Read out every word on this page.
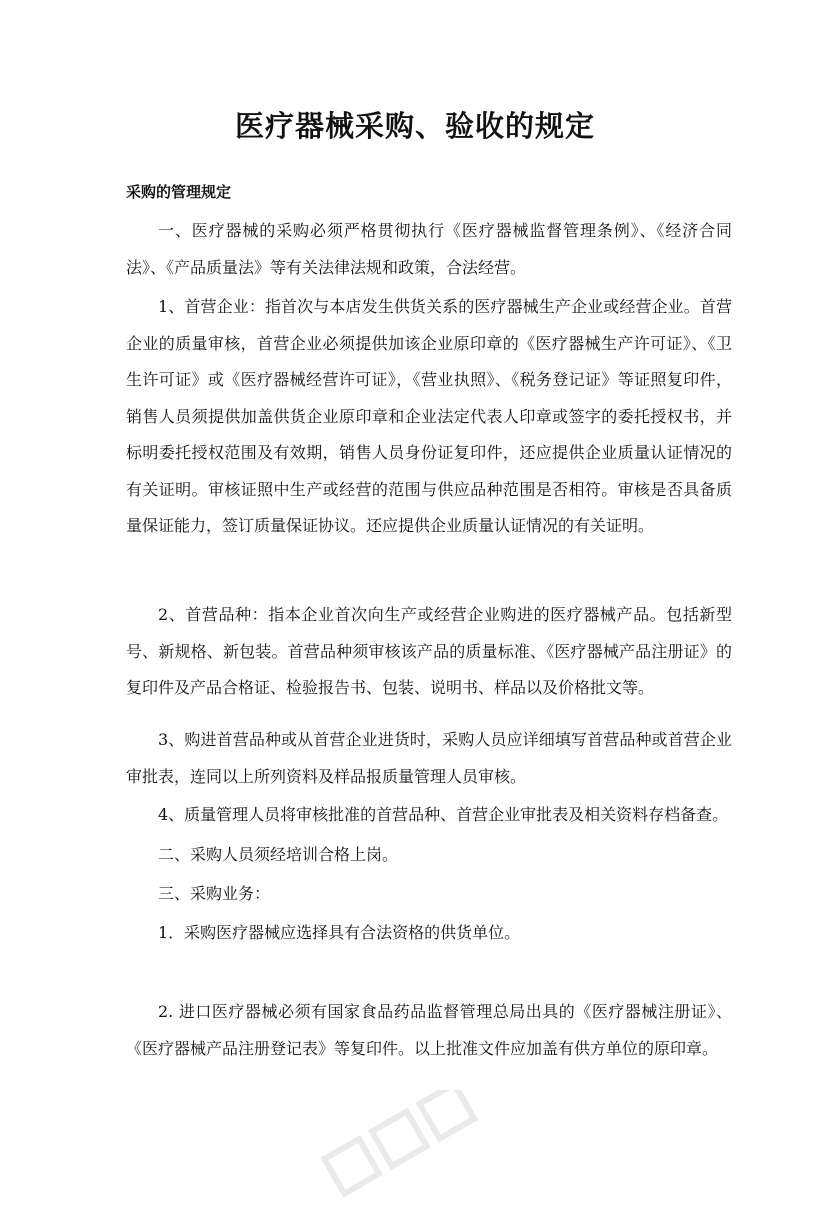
医疗器械采购、验收的规定
采购的管理规定

一、医疗器械的采购必须严格贯彻执行《医疗器械监督管理条例》、《经济合同法》、《产品质量法》等有关法律法规和政策，合法经营。

1、首营企业：指首次与本店发生供货关系的医疗器械生产企业或经营企业。首营企业的质量审核，首营企业必须提供加该企业原印章的《医疗器械生产许可证》、《卫生许可证》或《医疗器械经营许可证》，《营业执照》、《税务登记证》等证照复印件，销售人员须提供加盖供货企业原印章和企业法定代表人印章或签字的委托授权书，并标明委托授权范围及有效期，销售人员身份证复印件，还应提供企业质量认证情况的有关证明。审核证照中生产或经营的范围与供应品种范围是否相符。审核是否具备质量保证能力，签订质量保证协议。还应提供企业质量认证情况的有关证明。

2、首营品种：指本企业首次向生产或经营企业购进的医疗器械产品。包括新型号、新规格、新包装。首营品种须审核该产品的质量标准、《医疗器械产品注册证》的复印件及产品合格证、检验报告书、包装、说明书、样品以及价格批文等。

3、购进首营品种或从首营企业进货时，采购人员应详细填写首营品种或首营企业审批表，连同以上所列资料及样品报质量管理人员审核。

4、质量管理人员将审核批准的首营品种、首营企业审批表及相关资料存档备查。

二、采购人员须经培训合格上岗。

三、采购业务：

1．采购医疗器械应选择具有合法资格的供货单位。

2. 进口医疗器械必须有国家食品药品监督管理总局出具的《医疗器械注册证》、《医疗器械产品注册登记表》等复印件。以上批准文件应加盖有供方单位的原印章。
